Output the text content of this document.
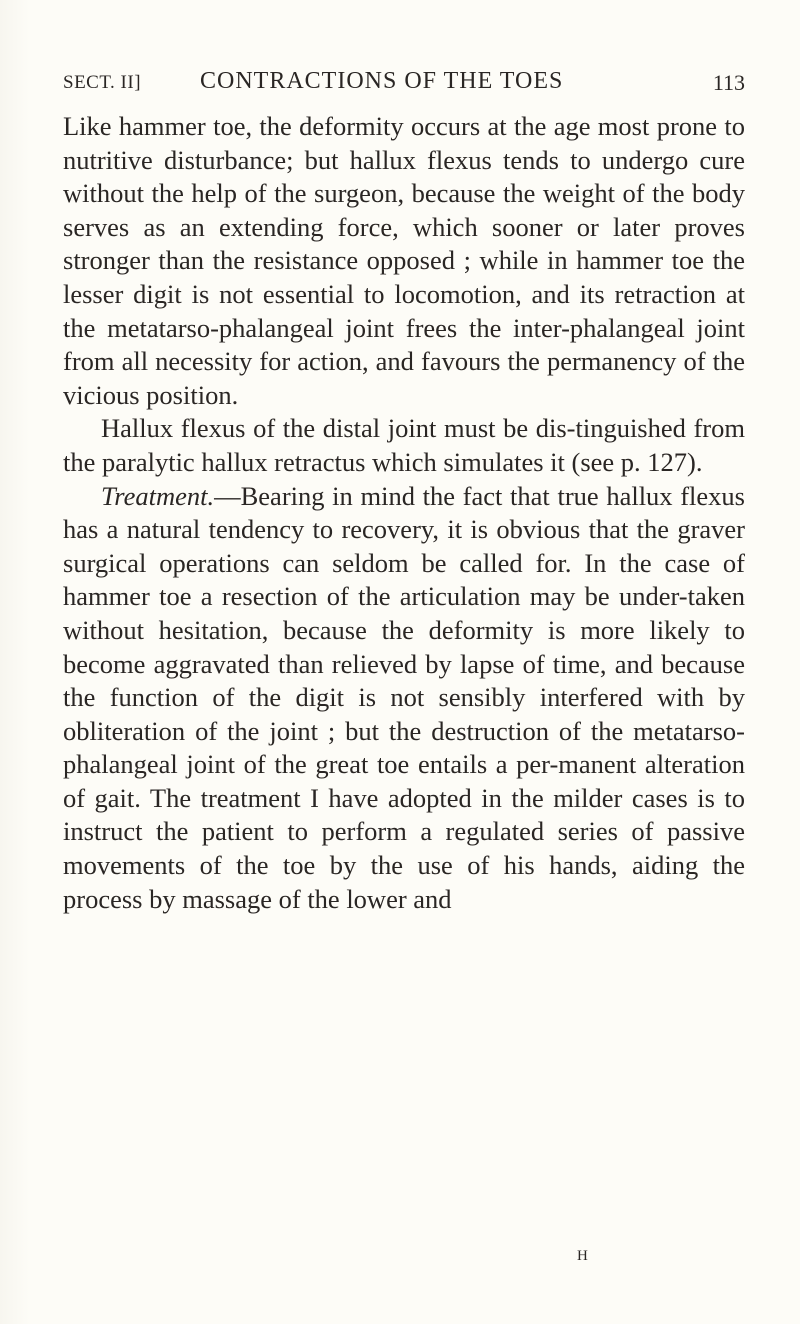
SECT. II] CONTRACTIONS OF THE TOES	113

Like hammer toe, the deformity occurs at the age most prone to nutritive disturbance; but hallux flexus tends to undergo cure without the help of the surgeon, because the weight of the body serves as an extending force, which sooner or later proves stronger than the resistance opposed ; while in hammer toe the lesser digit is not essential to locomotion, and its retraction at the metatarso-phalangeal joint frees the inter-phalangeal joint from all necessity for action, and favours the permanency of the vicious position.

Hallux flexus of the distal joint must be dis-tinguished from the paralytic hallux retractus which simulates it (see p. 127).

Treatment.—Bearing in mind the fact that true hallux flexus has a natural tendency to recovery, it is obvious that the graver surgical operations can seldom be called for. In the case of hammer toe a resection of the articulation may be under-taken without hesitation, because the deformity is more likely to become aggravated than relieved by lapse of time, and because the function of the digit is not sensibly interfered with by obliteration of the joint ; but the destruction of the metatarso-phalangeal joint of the great toe entails a per-manent alteration of gait. The treatment I have adopted in the milder cases is to instruct the patient to perform a regulated series of passive movements of the toe by the use of his hands, aiding the process by massage of the lower and

H
